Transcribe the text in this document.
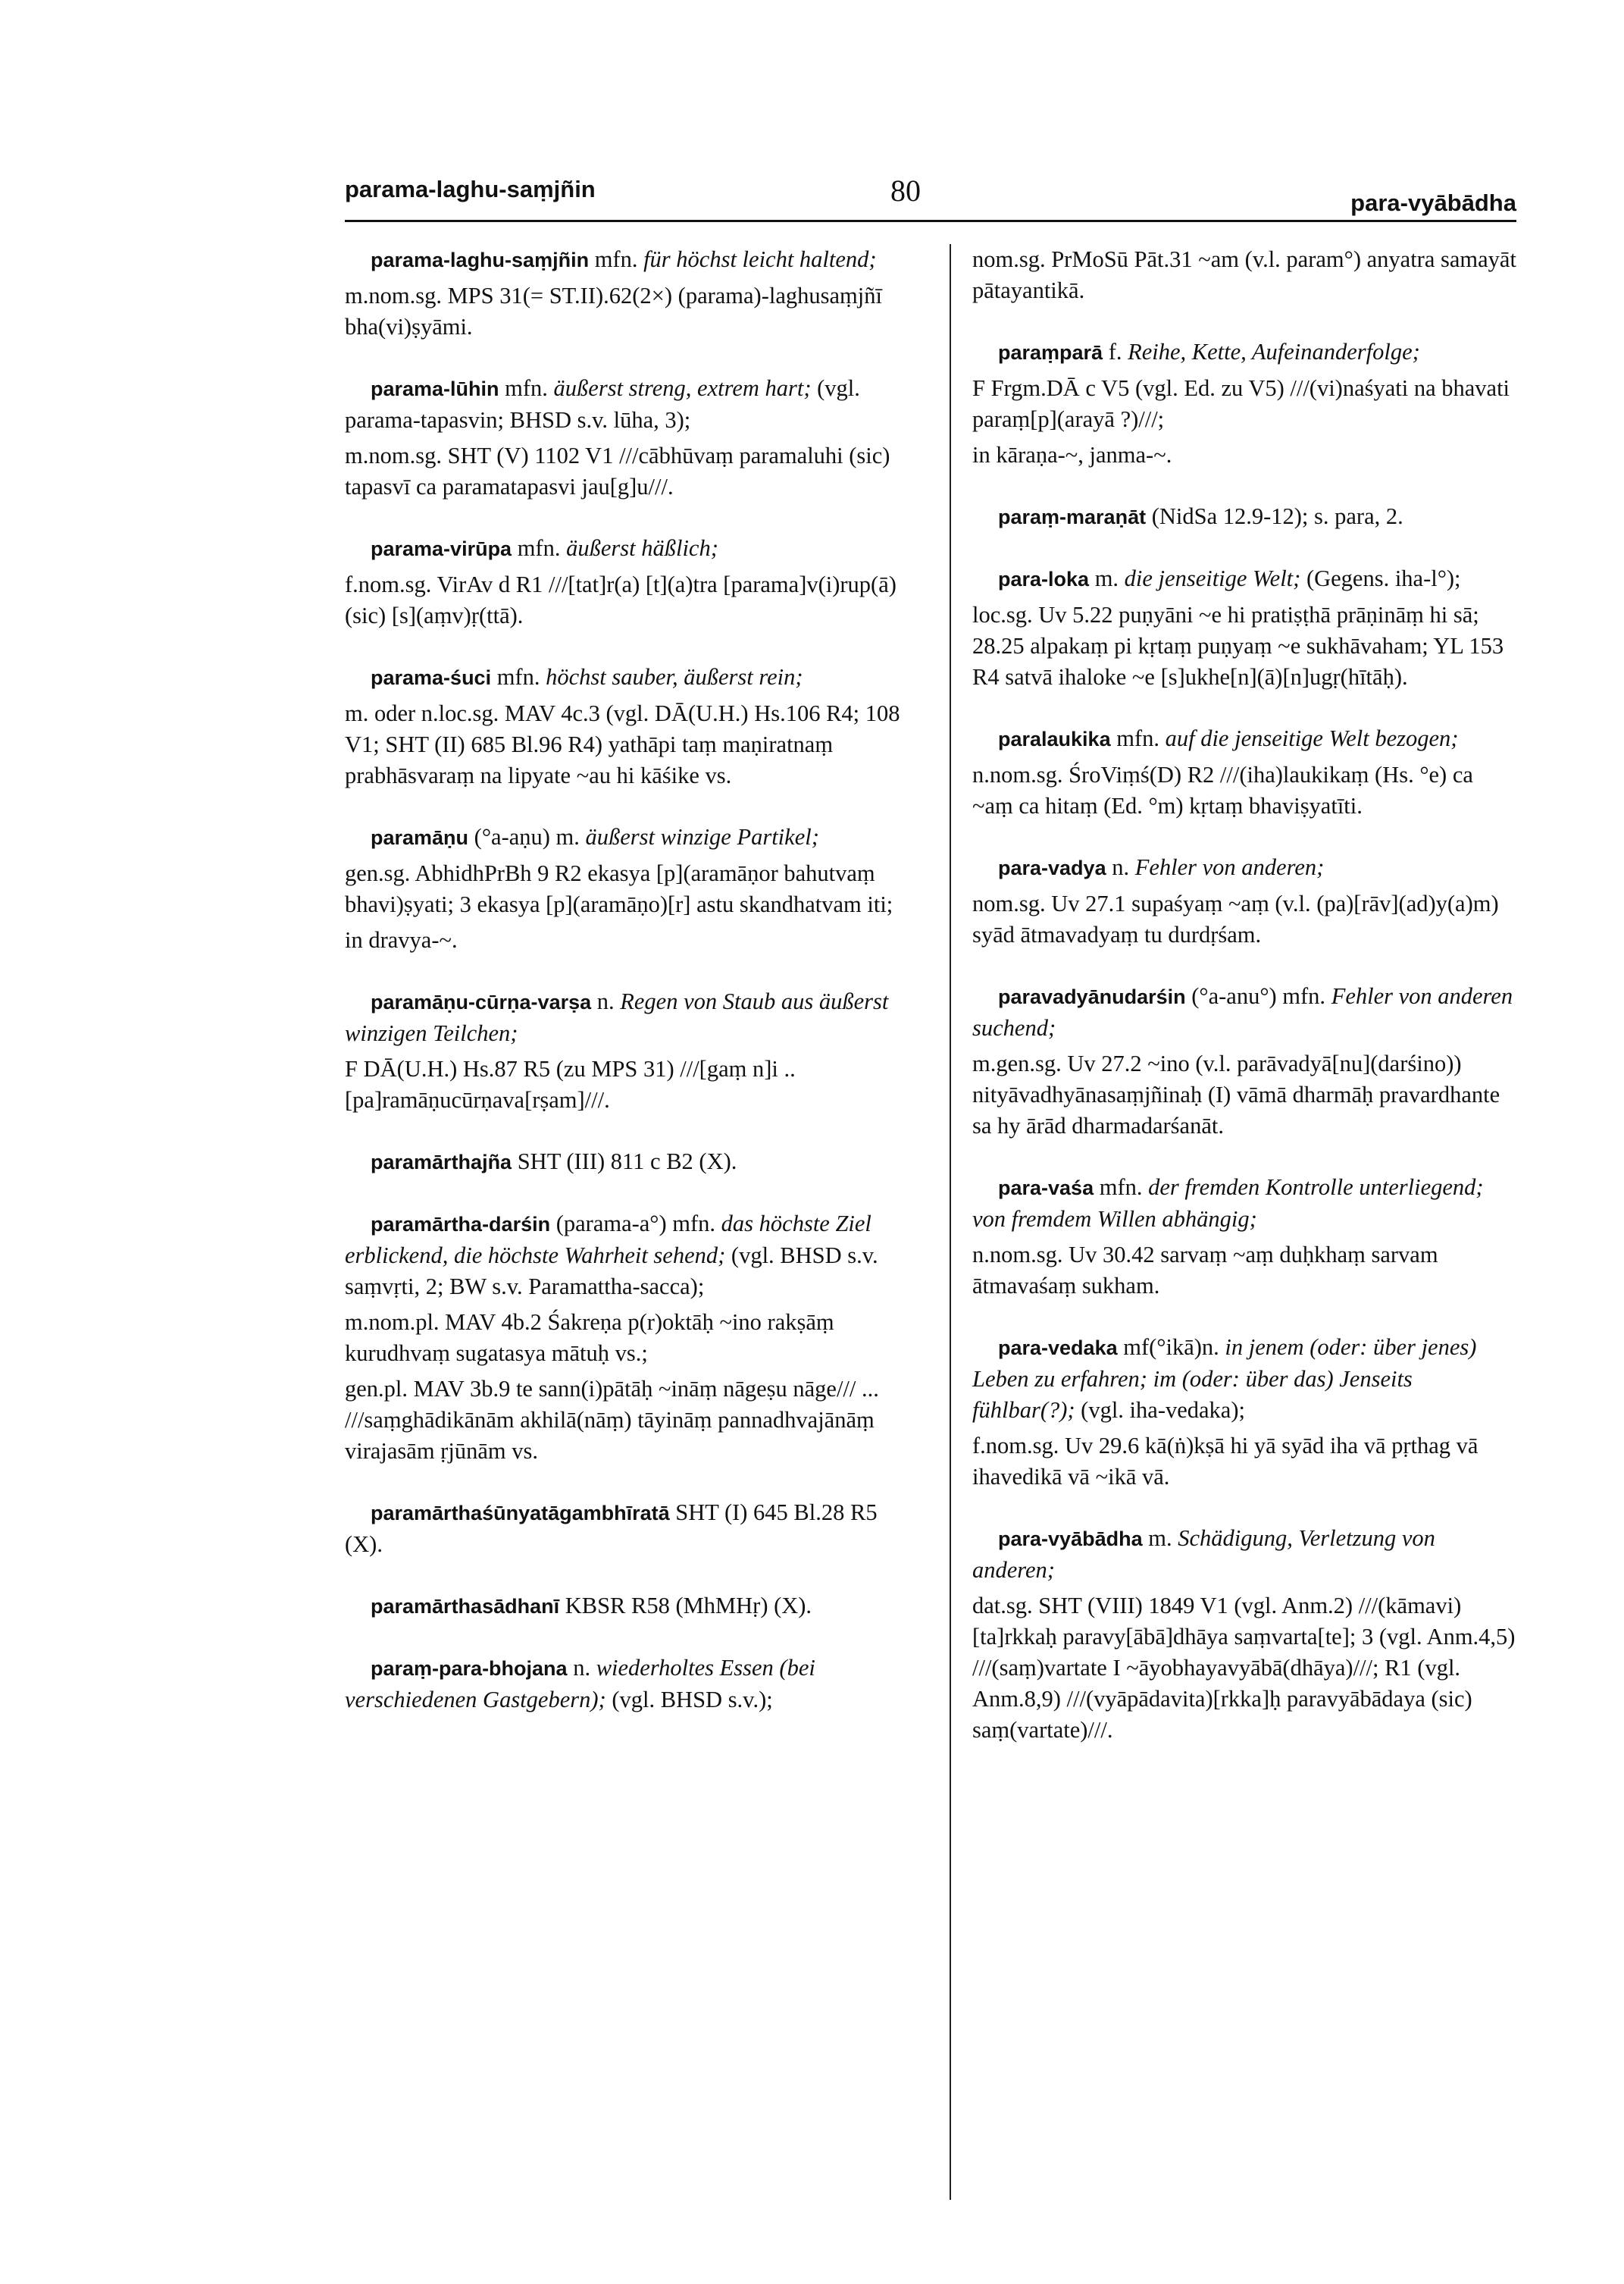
parama-laghu-saṃjñin	80	para-vyābādha

parama-laghu-saṃjñin mfn. für höchst leicht haltend;

m.nom.sg. MPS 31(= ST.II).62(2×) (parama)-laghusaṃjñī bha(vi)ṣyāmi.

parama-lūhin mfn. äußerst streng, extrem hart; (vgl. parama-tapasvin; BHSD s.v. lūha, 3);

m.nom.sg. SHT (V) 1102 V1 ///cābhūvaṃ paramaluhi (sic) tapasvī ca paramatapasvi jau[g]u///.

parama-virūpa mfn. äußerst häßlich;

f.nom.sg. VirAv d R1 ///[tat]r(a) [t](a)tra [parama]v(i)rup(ā) (sic) [s](aṃv)ṛ(ttā).

parama-śuci mfn. höchst sauber, äußerst rein;

m. oder n.loc.sg. MAV 4c.3 (vgl. DĀ(U.H.) Hs.106 R4; 108 V1; SHT (II) 685 Bl.96 R4) yathāpi taṃ maṇiratnaṃ prabhāsvaraṃ na lipyate ~au hi kāśike vs.

paramāṇu (°a-aṇu) m. äußerst winzige Partikel;

gen.sg. AbhidhPrBh 9 R2 ekasya [p](aramāṇor bahutvaṃ bhavi)ṣyati; 3 ekasya [p](aramāṇo)[r] astu skandhatvam iti;

in dravya-~.

paramāṇu-cūrṇa-varṣa n. Regen von Staub aus äußerst winzigen Teilchen;

F DĀ(U.H.) Hs.87 R5 (zu MPS 31) ///[gaṃ n]i .. [pa]ramāṇucūrṇava[rṣam]///.

paramārthajña SHT (III) 811 c B2 (X).

paramārtha-darśin (parama-a°) mfn. das höchste Ziel erblickend, die höchste Wahrheit sehend; (vgl. BHSD s.v. saṃvṛti, 2; BW s.v. Paramattha-sacca);

m.nom.pl. MAV 4b.2 Śakreṇa p(r)oktāḥ ~ino rakṣāṃ kurudhvaṃ sugatasya mātuḥ vs.;

gen.pl. MAV 3b.9 te sann(i)pātāḥ ~ināṃ nāgeṣu nāge/// ... ///saṃghādikānām akhilā(nāṃ) tāyināṃ pannadhvajānāṃ virajasām ṛjūnām vs.

paramārthaśūnyatāgambhīratā SHT (I) 645 Bl.28 R5 (X).

paramārthasādhanī KBSR R58 (MhMHṛ) (X).

paraṃ-para-bhojana n. wiederholtes Essen (bei verschiedenen Gastgebern); (vgl. BHSD s.v.);

nom.sg. PrMoSū Pāt.31 ~am (v.l. param°) anyatra samayāt pātayantikā.

paraṃparā f. Reihe, Kette, Aufeinanderfolge;

F Frgm.DĀ c V5 (vgl. Ed. zu V5) ///(vi)naśyati na bhavati paraṃ[p](arayā ?)///;

in kāraṇa-~, janma-~.

paraṃ-maraṇāt (NidSa 12.9-12); s. para, 2.

para-loka m. die jenseitige Welt; (Gegens. iha-l°);

loc.sg. Uv 5.22 puṇyāni ~e hi pratiṣṭhā prāṇināṃ hi sā; 28.25 alpakaṃ pi kṛtaṃ puṇyaṃ ~e sukhāvaham; YL 153 R4 satvā ihaloke ~e [s]ukhe[n](ā)[n]ugṛ(hītāḥ).

paralaukika mfn. auf die jenseitige Welt bezogen;

n.nom.sg. ŚroViṃś(D) R2 ///(iha)laukikaṃ (Hs. °e) ca ~aṃ ca hitaṃ (Ed. °m) kṛtaṃ bhaviṣyatīti.

para-vadya n. Fehler von anderen;

nom.sg. Uv 27.1 supaśyaṃ ~aṃ (v.l. (pa)[rāv](ad)y(a)m) syād ātmavadyaṃ tu durdṛśam.

paravadyānudarśin (°a-anu°) mfn. Fehler von anderen suchend;

m.gen.sg. Uv 27.2 ~ino (v.l. parāvadyā[nu](darśino)) nityāvadhyānasaṃjñinaḥ (I) vāmā dharmāḥ pravardhante sa hy ārād dharmadarśanāt.

para-vaśa mfn. der fremden Kontrolle unterliegend; von fremdem Willen abhängig;

n.nom.sg. Uv 30.42 sarvaṃ ~aṃ duḥkhaṃ sarvam ātmavaśaṃ sukham.

para-vedaka mf(°ikā)n. in jenem (oder: über jenes) Leben zu erfahren; im (oder: über das) Jenseits fühlbar(?); (vgl. iha-vedaka);

f.nom.sg. Uv 29.6 kā(ṅ)kṣā hi yā syād iha vā pṛthag vā ihavedikā vā ~ikā vā.

para-vyābādha m. Schädigung, Verletzung von anderen;

dat.sg. SHT (VIII) 1849 V1 (vgl. Anm.2) ///(kāmavi)[ta]rkkaḥ paravy[ābā]dhāya saṃvarta[te]; 3 (vgl. Anm.4,5) ///(saṃ)vartate I ~āyobhayavyābā(dhāya)///; R1 (vgl. Anm.8,9) ///(vyāpādavita)[rkka]ḥ paravyābādaya (sic) saṃ(vartate)///.
